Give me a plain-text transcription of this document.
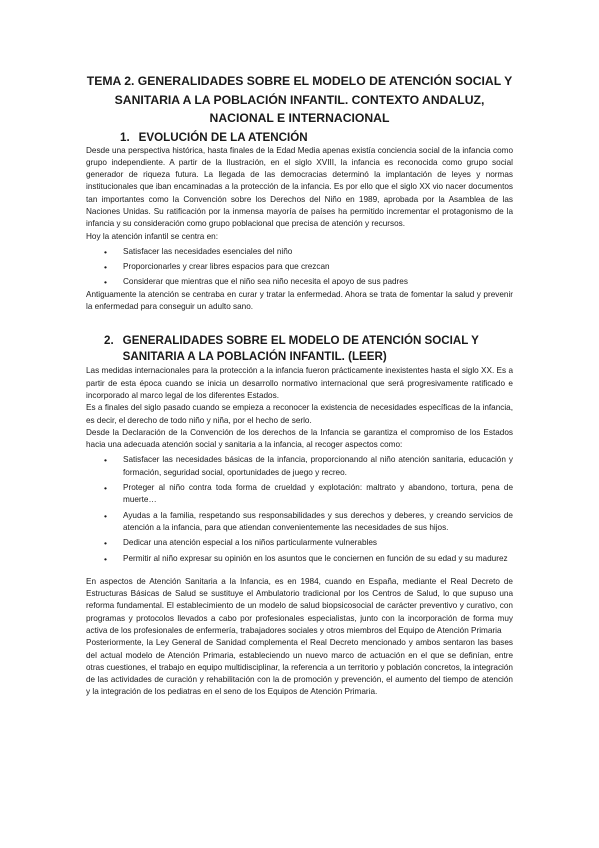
TEMA 2. GENERALIDADES SOBRE EL MODELO DE ATENCIÓN SOCIAL Y SANITARIA A LA POBLACIÓN INFANTIL. CONTEXTO ANDALUZ, NACIONAL E INTERNACIONAL
1. EVOLUCIÓN DE LA ATENCIÓN

Desde una perspectiva histórica, hasta finales de la Edad Media apenas existía conciencia social de la infancia como grupo independiente. A partir de la Ilustración, en el siglo XVIII, la infancia es reconocida como grupo social generador de riqueza futura. La llegada de las democracias determinó la implantación de leyes y normas institucionales que iban encaminadas a la protección de la infancia. Es por ello que el siglo XX vio nacer documentos tan importantes como la Convención sobre los Derechos del Niño en 1989, aprobada por la Asamblea de las Naciones Unidas. Su ratificación por la inmensa mayoría de países ha permitido incrementar el protagonismo de la infancia y su consideración como grupo poblacional que precisa de atención y recursos.

Hoy la atención infantil se centra en:

•	Satisfacer las necesidades esenciales del niño
•	Proporcionarles y crear libres espacios para que crezcan
•	Considerar que mientras que el niño sea niño necesita el apoyo de sus padres

Antiguamente la atención se centraba en curar y tratar la enfermedad. Ahora se trata de fomentar la salud y prevenir la enfermedad para conseguir un adulto sano.

2. GENERALIDADES SOBRE EL MODELO DE ATENCIÓN SOCIAL Y SANITARIA A LA POBLACIÓN INFANTIL. (LEER)

Las medidas internacionales para la protección a la infancia fueron prácticamente inexistentes hasta el siglo XX. Es a partir de esta época cuando se inicia un desarrollo normativo internacional que será progresivamente ratificado e incorporado al marco legal de los diferentes Estados.

Es a finales del siglo pasado cuando se empieza a reconocer la existencia de necesidades específicas de la infancia, es decir, el derecho de todo niño y niña, por el hecho de serlo.

Desde la Declaración de la Convención de los derechos de la Infancia se garantiza el compromiso de los Estados hacia una adecuada atención social y sanitaria a la infancia, al recoger aspectos como:

•	Satisfacer las necesidades básicas de la infancia, proporcionando al niño atención sanitaria, educación y formación, seguridad social, oportunidades de juego y recreo.
•	Proteger al niño contra toda forma de crueldad y explotación: maltrato y abandono, tortura, pena de muerte…
•	Ayudas a la familia, respetando sus responsabilidades y sus derechos y deberes, y creando servicios de atención a la infancia, para que atiendan convenientemente las necesidades de sus hijos.
•	Dedicar una atención especial a los niños particularmente vulnerables
•	Permitir al niño expresar su opinión en los asuntos que le conciernen en función de su edad y su madurez

En aspectos de Atención Sanitaria a la Infancia, es en 1984, cuando en España, mediante el Real Decreto de Estructuras Básicas de Salud se sustituye el Ambulatorio tradicional por los Centros de Salud, lo que supuso una reforma fundamental. El establecimiento de un modelo de salud biopsicosocial de carácter preventivo y curativo, con programas y protocolos llevados a cabo por profesionales especialistas, junto con la incorporación de forma muy activa de los profesionales de enfermería, trabajadores sociales y otros miembros del Equipo de Atención Primaria

Posteriormente, la Ley General de Sanidad complementa el Real Decreto mencionado y ambos sentaron las bases del actual modelo de Atención Primaria, estableciendo un nuevo marco de actuación en el que se definían, entre otras cuestiones, el trabajo en equipo multidisciplinar, la referencia a un territorio y población concretos, la integración de las actividades de curación y rehabilitación con la de promoción y prevención, el aumento del tiempo de atención y la integración de los pediatras en el seno de los Equipos de Atención Primaria.
